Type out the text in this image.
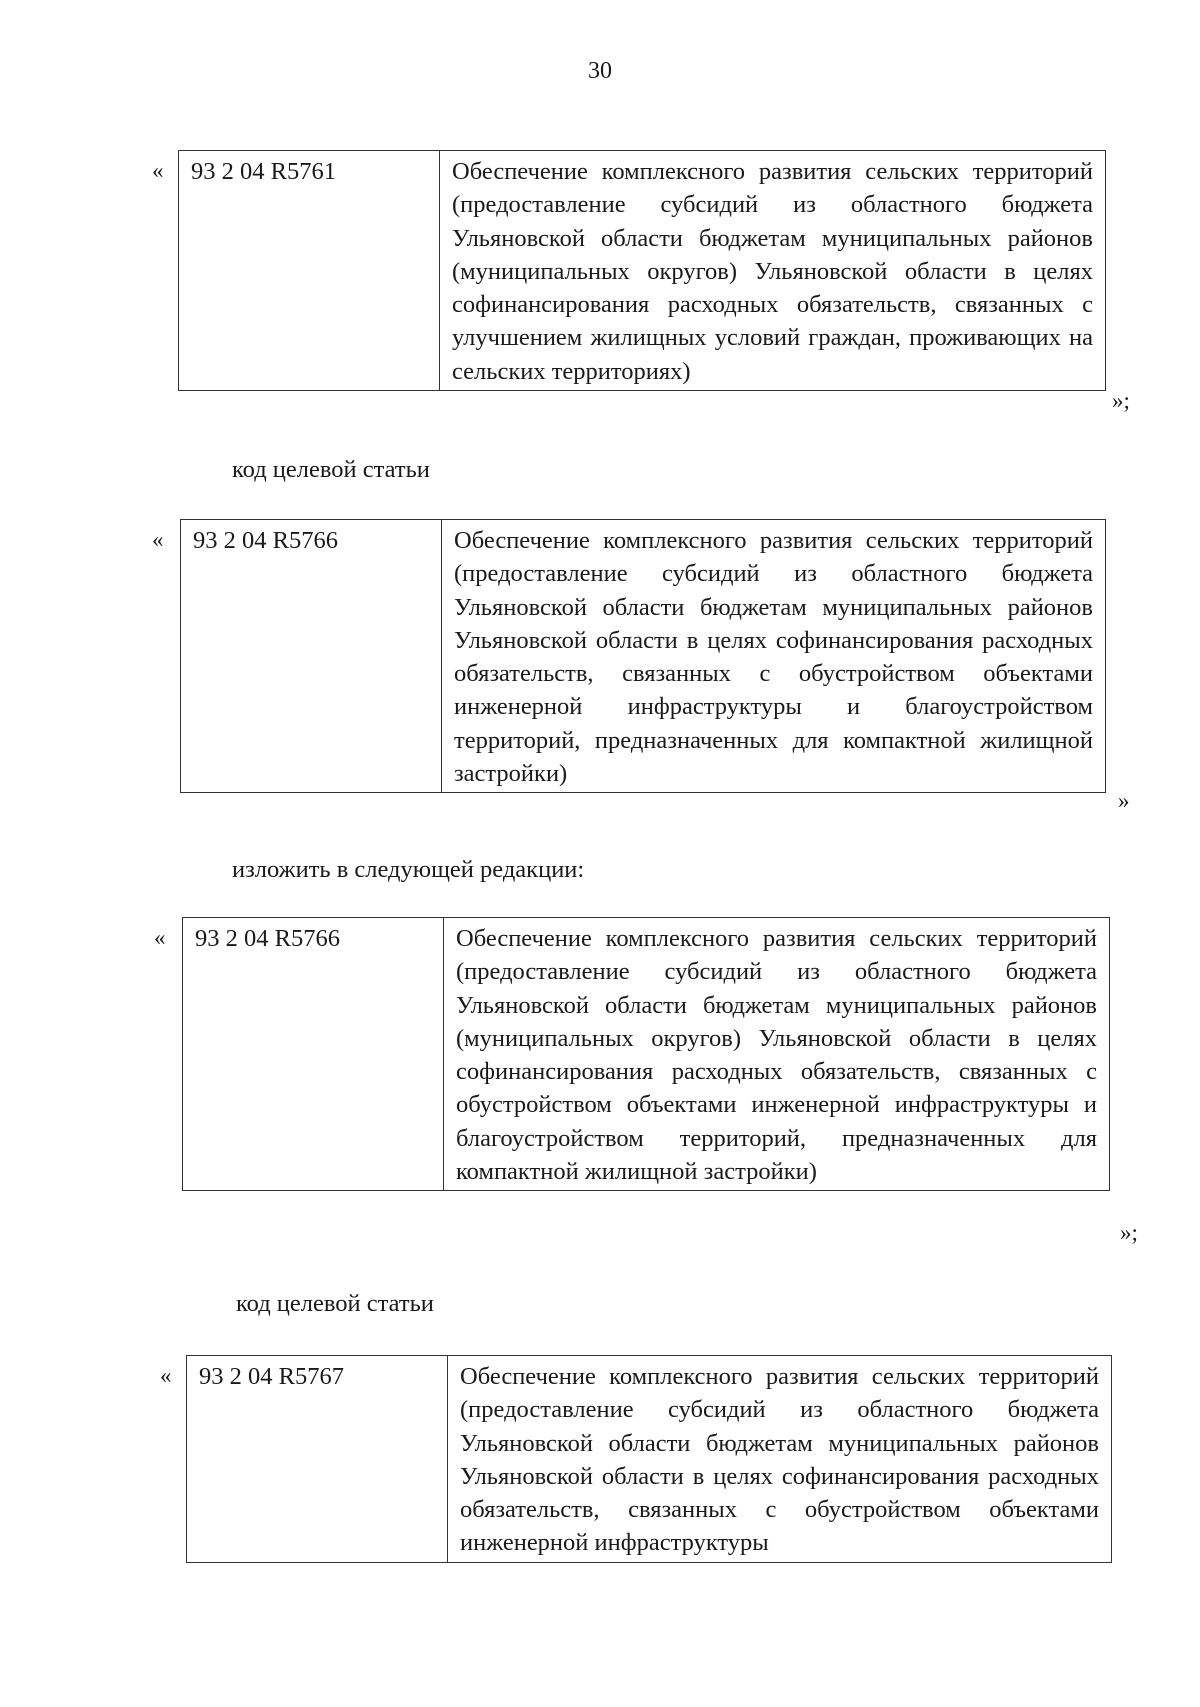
30
« 93 2 04 R5761	Обеспечение комплексного развития сельских территорий (предоставление субсидий из областного бюджета Ульяновской области бюджетам муниципальных районов (муниципальных округов) Ульяновской области в целях софинансирования расходных обязательств, связанных с улучшением жилищных условий граждан, проживающих на сельских территориях)
»;
код целевой статьи
« 93 2 04 R5766	Обеспечение комплексного развития сельских территорий (предоставление субсидий из областного бюджета Ульяновской области бюджетам муниципальных районов Ульяновской области в целях софинансирования расходных обязательств, связанных с обустройством объектами инженерной инфраструктуры и благоустройством территорий, предназначенных для компактной жилищной застройки)
»
изложить в следующей редакции:
« 93 2 04 R5766	Обеспечение комплексного развития сельских территорий (предоставление субсидий из областного бюджета Ульяновской области бюджетам муниципальных районов (муниципальных округов) Ульяновской области в целях софинансирования расходных обязательств, связанных с обустройством объектами инженерной инфраструктуры и благоустройством территорий, предназначенных для компактной жилищной застройки)
»;
код целевой статьи
« 93 2 04 R5767	Обеспечение комплексного развития сельских территорий (предоставление субсидий из областного бюджета Ульяновской области бюджетам муниципальных районов Ульяновской области в целях софинансирования расходных обязательств, связанных с обустройством объектами инженерной инфраструктуры
